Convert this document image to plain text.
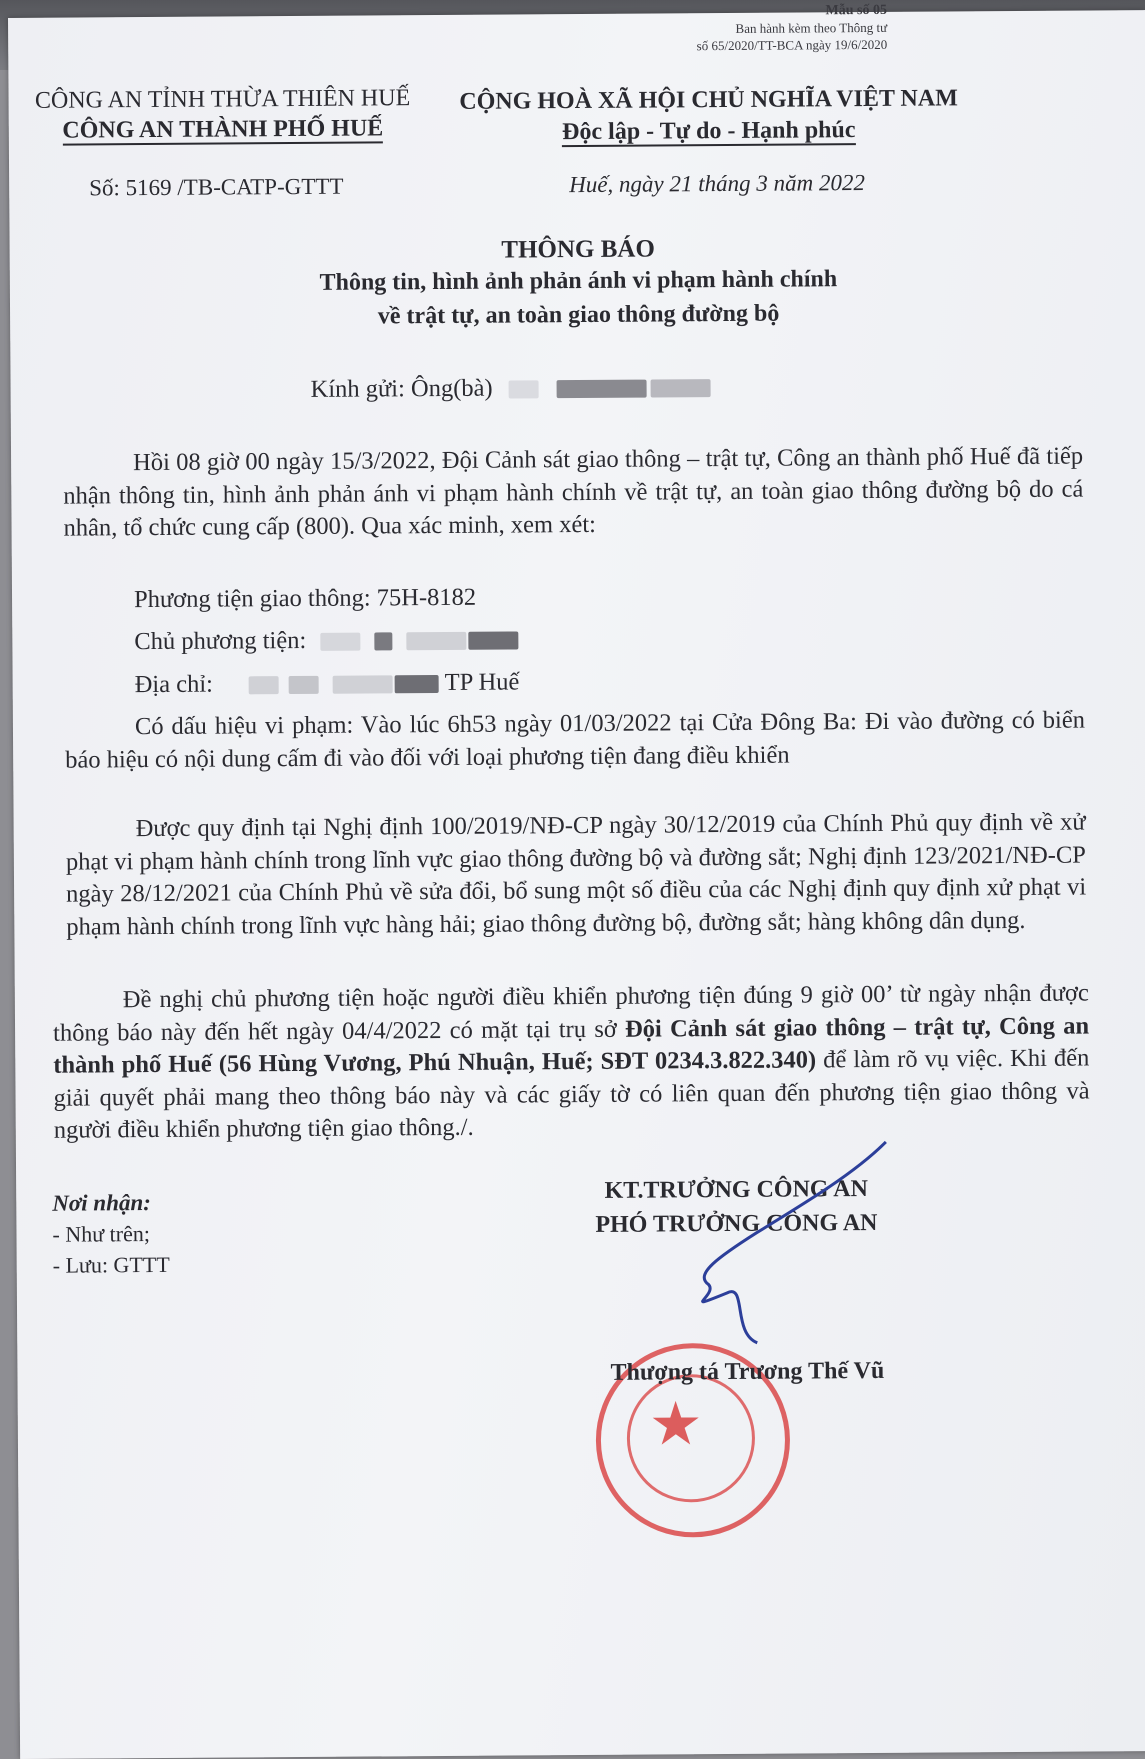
Mẫu số 05
Ban hành kèm theo Thông tư
số 65/2020/TT-BCA ngày 19/6/2020
CÔNG AN TỈNH THỪA THIÊN HUẾ
CÔNG AN THÀNH PHỐ HUẾ
CỘNG HOÀ XÃ HỘI CHỦ NGHĨA VIỆT NAM
Độc lập - Tự do - Hạnh phúc
Số: 5169 /TB-CATP-GTTT	Huế, ngày 21 tháng 3 năm 2022
THÔNG BÁO
Thông tin, hình ảnh phản ánh vi phạm hành chính
về trật tự, an toàn giao thông đường bộ
Kính gửi: Ông(bà)
Hồi 08 giờ 00 ngày 15/3/2022, Đội Cảnh sát giao thông – trật tự, Công an thành phố Huế đã tiếp nhận thông tin, hình ảnh phản ánh vi phạm hành chính về trật tự, an toàn giao thông đường bộ do cá nhân, tổ chức cung cấp (800). Qua xác minh, xem xét:
Phương tiện giao thông: 75H-8182
Chủ phương tiện:
Địa chỉ:	TP Huế
Có dấu hiệu vi phạm: Vào lúc 6h53 ngày 01/03/2022 tại Cửa Đông Ba: Đi vào đường có biển báo hiệu có nội dung cấm đi vào đối với loại phương tiện đang điều khiển
Được quy định tại Nghị định 100/2019/NĐ-CP ngày 30/12/2019 của Chính Phủ quy định về xử phạt vi phạm hành chính trong lĩnh vực giao thông đường bộ và đường sắt; Nghị định 123/2021/NĐ-CP ngày 28/12/2021 của Chính Phủ về sửa đổi, bổ sung một số điều của các Nghị định quy định xử phạt vi phạm hành chính trong lĩnh vực hàng hải; giao thông đường bộ, đường sắt; hàng không dân dụng.
Đề nghị chủ phương tiện hoặc người điều khiển phương tiện đúng 9 giờ 00’ từ ngày nhận được thông báo này đến hết ngày 04/4/2022 có mặt tại trụ sở Đội Cảnh sát giao thông – trật tự, Công an thành phố Huế (56 Hùng Vương, Phú Nhuận, Huế; SĐT 0234.3.822.340) để làm rõ vụ việc. Khi đến giải quyết phải mang theo thông báo này và các giấy tờ có liên quan đến phương tiện giao thông và người điều khiển phương tiện giao thông./.
Nơi nhận:
- Như trên;
- Lưu: GTTT
KT.TRƯỞNG CÔNG AN
PHÓ TRƯỞNG CÔNG AN
★
Thượng tá Trương Thế Vũ
